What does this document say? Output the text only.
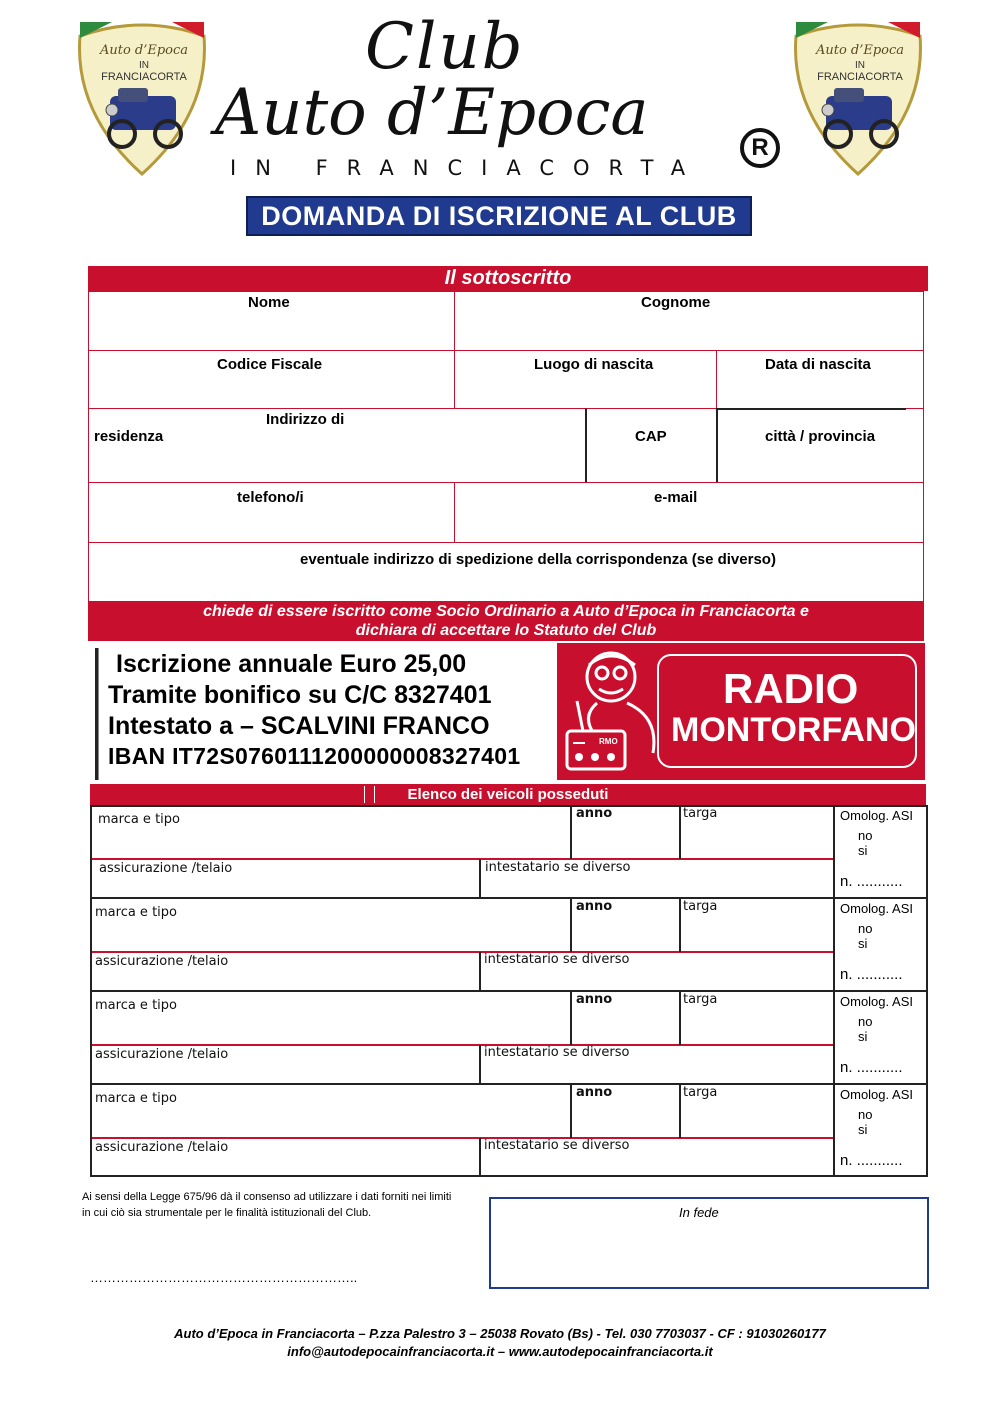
Auto d’Epoca
IN
FRANCIACORTA
Auto d’Epoca
IN
FRANCIACORTA
Club
Auto d’Epoca
IN FRANCIACORTA
R
DOMANDA DI ISCRIZIONE AL CLUB
Il sottoscritto
Nome	Cognome
Codice Fiscale	Luogo di nascita	Data di nascita
Indirizzo di
residenza	CAP	città / provincia
telefono/i	e-mail
eventuale indirizzo di spedizione della corrispondenza (se diverso)
chiede di essere iscritto come Socio Ordinario a Auto d’Epoca in Franciacorta e
dichiara di accettare lo Statuto del Club
Iscrizione annuale Euro 25,00
Tramite bonifico su C/C 8327401
Intestato a – SCALVINI FRANCO
IBAN IT72S0760111200000008327401
RMO
RADIO
MONTORFANO
Elenco dei veicoli posseduti
marca e tipo	anno	targa
assicurazione /telaio	intestatario se diverso
Omolog. ASI
no
si
n. ...........
marca e tipo	anno	targa
assicurazione /telaio	intestatario se diverso
Omolog. ASI
no
si
n. ...........
marca e tipo	anno	targa
assicurazione /telaio	intestatario se diverso
Omolog. ASI
no
si
n. ...........
marca e tipo	anno	targa
assicurazione /telaio	intestatario se diverso
Omolog. ASI
no
si
n. ...........
Ai sensi della Legge 675/96 dà il consenso ad utilizzare i dati forniti nei limiti in cui ciò sia strumentale per le finalità istituzionali del Club.
……………………………………………………..
In fede
Auto d’Epoca in Franciacorta – P.zza Palestro 3 – 25038 Rovato (Bs) - Tel. 030 7703037 - CF : 91030260177
info@autodepocainfranciacorta.it – www.autodepocainfranciacorta.it
